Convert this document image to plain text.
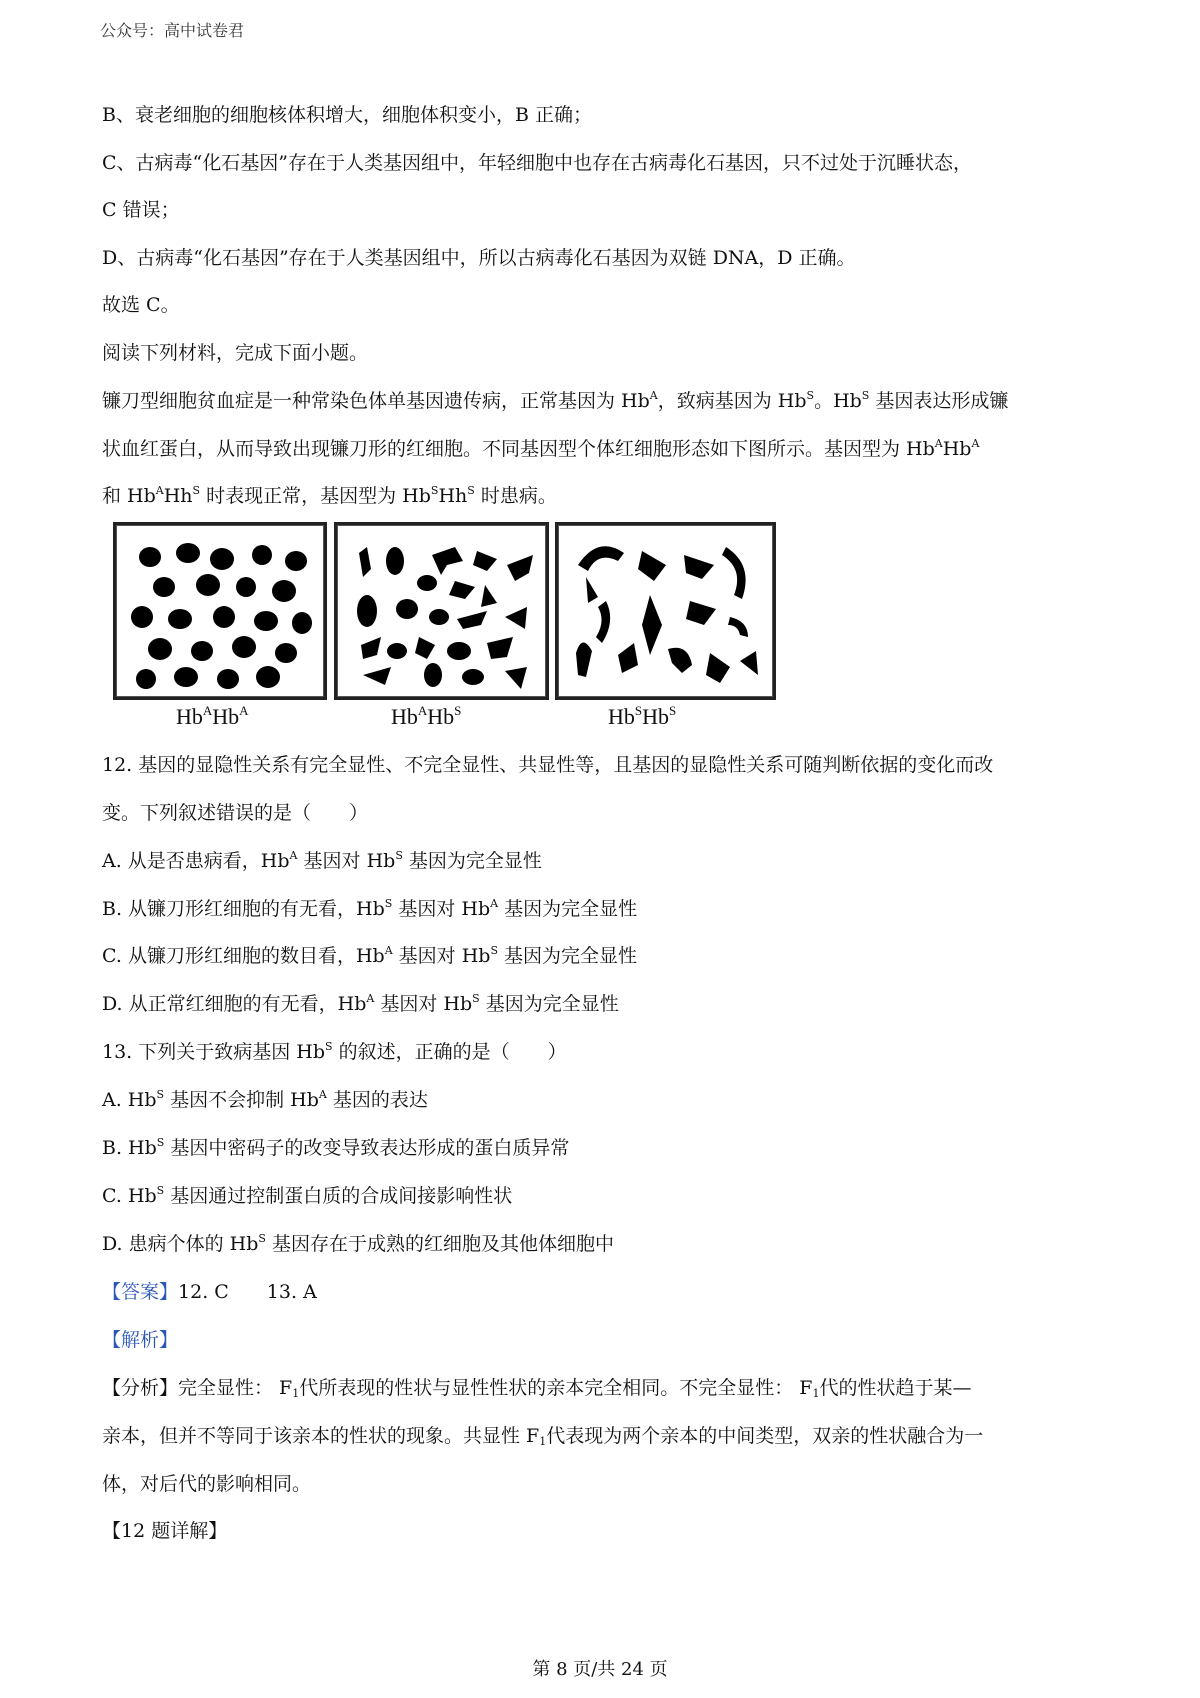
公众号：高中试卷君
B、衰老细胞的细胞核体积增大，细胞体积变小，B 正确；
C、古病毒“化石基因”存在于人类基因组中，年轻细胞中也存在古病毒化石基因，只不过处于沉睡状态，
C 错误；
D、古病毒“化石基因”存在于人类基因组中，所以古病毒化石基因为双链 DNA，D 正确。
故选 C。
阅读下列材料，完成下面小题。
镰刀型细胞贫血症是一种常染色体单基因遗传病，正常基因为 $Hb^A$，致病基因为 $Hb^S$。$Hb^S$ 基因表达形成镰
状血红蛋白，从而导致出现镰刀形的红细胞。不同基因型个体红细胞形态如下图所示。基因型为 $Hb^AHb^A$
和 $Hb^AHh^S$ 时表现正常，基因型为 $Hb^SHh^S$ 时患病。
$Hb^AHb^A$	$Hb^AHb^S$	$Hb^SHb^S$
12. 基因的显隐性关系有完全显性、不完全显性、共显性等，且基因的显隐性关系可随判断依据的变化而改
变。下列叙述错误的是（　　）
A. 从是否患病看，$Hb^A$ 基因对 $Hb^S$ 基因为完全显性
B. 从镰刀形红细胞的有无看，$Hb^S$ 基因对 $Hb^A$ 基因为完全显性
C. 从镰刀形红细胞的数目看，$Hb^A$ 基因对 $Hb^S$ 基因为完全显性
D. 从正常红细胞的有无看，$Hb^A$ 基因对 $Hb^S$ 基因为完全显性
13. 下列关于致病基因 $Hb^S$ 的叙述，正确的是（　　）
A. $Hb^S$ 基因不会抑制 $Hb^A$ 基因的表达
B. $Hb^S$ 基因中密码子的改变导致表达形成的蛋白质异常
C. $Hb^S$ 基因通过控制蛋白质的合成间接影响性状
D. 患病个体的 $Hb^S$ 基因存在于成熟的红细胞及其他体细胞中
【答案】12. C　　13. A
【解析】
【分析】完全显性： $F_1$代所表现的性状与显性性状的亲本完全相同。不完全显性： $F_1$代的性状趋于某—
亲本，但并不等同于该亲本的性状的现象。共显性 $F_1$代表现为两个亲本的中间类型，双亲的性状融合为一
体，对后代的影响相同。
【12 题详解】
第 8 页/共 24 页
